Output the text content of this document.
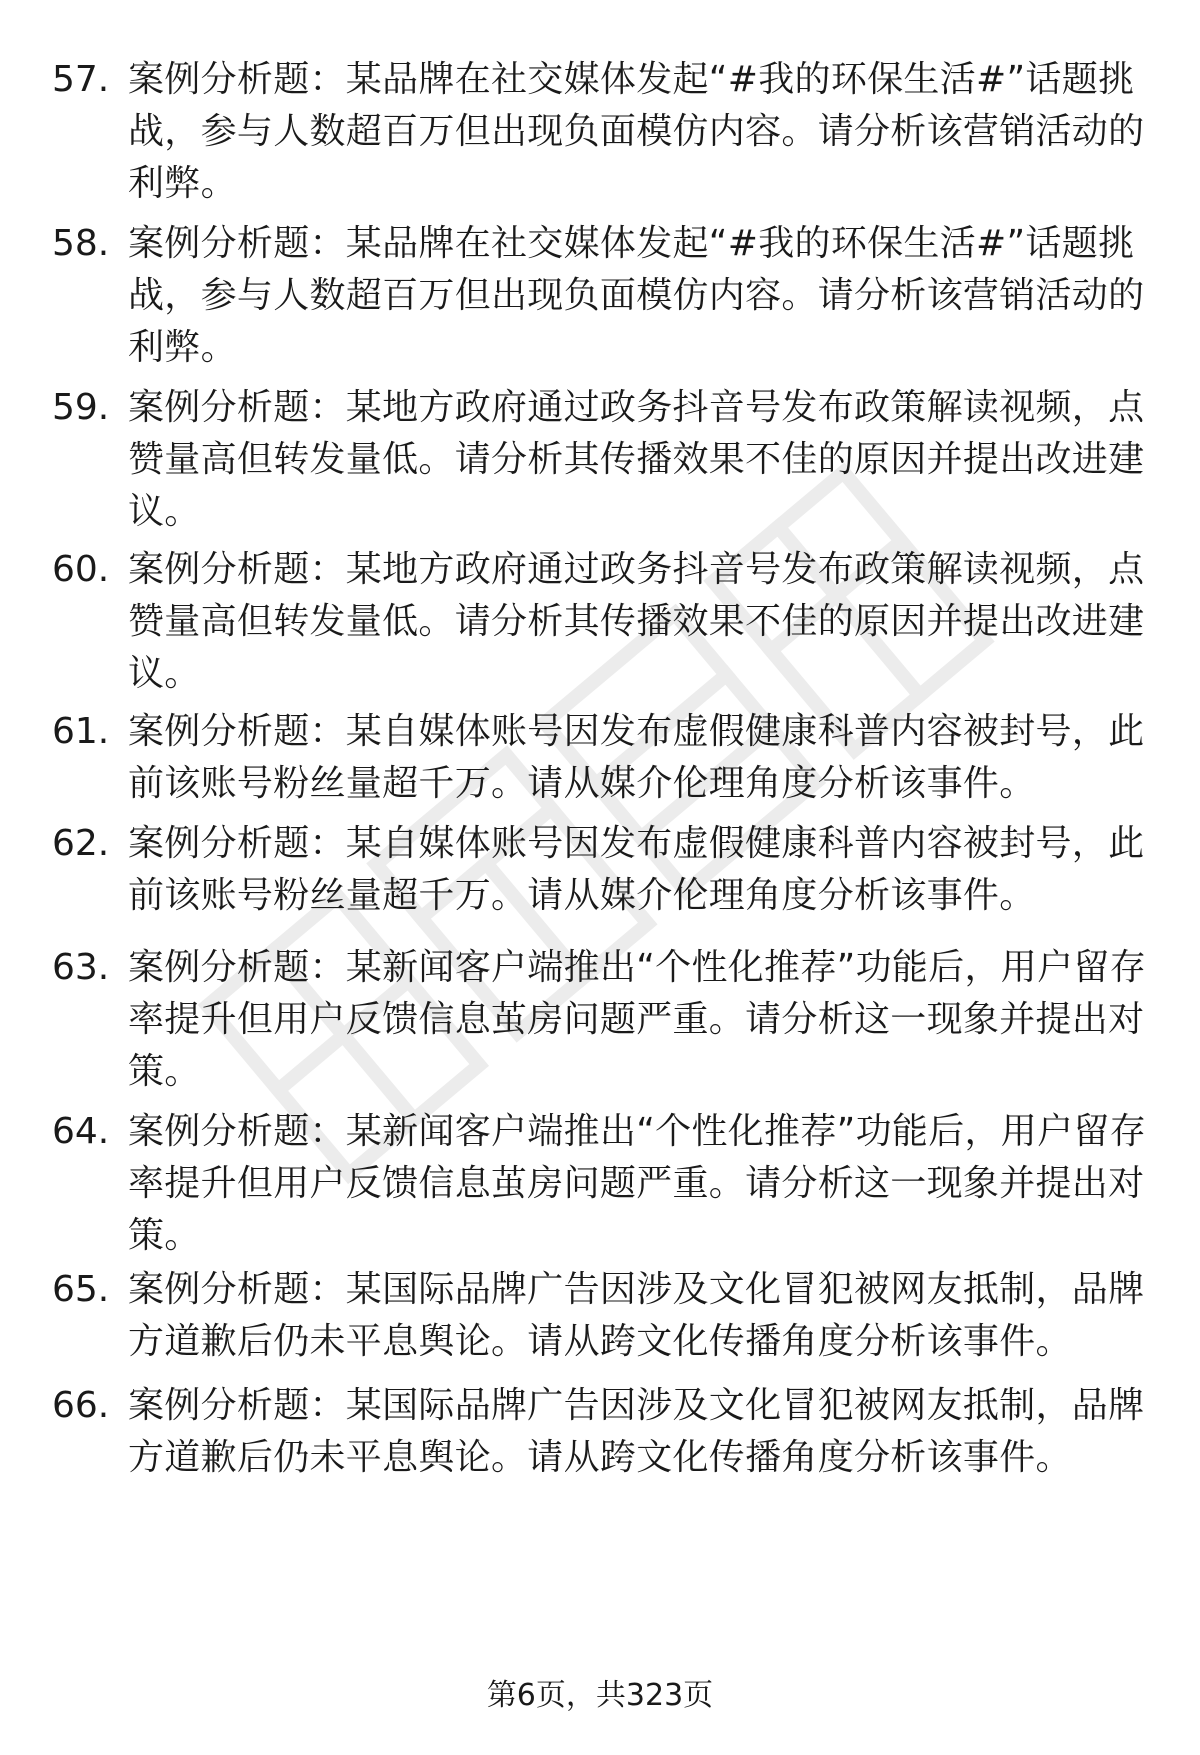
57. 案例分析题：某品牌在社交媒体发起“#我的环保生活#”话题挑战，参与人数超百万但出现负面模仿内容。请分析该营销活动的利弊。
58. 案例分析题：某品牌在社交媒体发起“#我的环保生活#”话题挑战，参与人数超百万但出现负面模仿内容。请分析该营销活动的利弊。
59. 案例分析题：某地方政府通过政务抖音号发布政策解读视频，点赞量高但转发量低。请分析其传播效果不佳的原因并提出改进建议。
60. 案例分析题：某地方政府通过政务抖音号发布政策解读视频，点赞量高但转发量低。请分析其传播效果不佳的原因并提出改进建议。
61. 案例分析题：某自媒体账号因发布虚假健康科普内容被封号，此前该账号粉丝量超千万。请从媒介伦理角度分析该事件。
62. 案例分析题：某自媒体账号因发布虚假健康科普内容被封号，此前该账号粉丝量超千万。请从媒介伦理角度分析该事件。
63. 案例分析题：某新闻客户端推出“个性化推荐”功能后，用户留存率提升但用户反馈信息茧房问题严重。请分析这一现象并提出对策。
64. 案例分析题：某新闻客户端推出“个性化推荐”功能后，用户留存率提升但用户反馈信息茧房问题严重。请分析这一现象并提出对策。
65. 案例分析题：某国际品牌广告因涉及文化冒犯被网友抵制，品牌方道歉后仍未平息舆论。请从跨文化传播角度分析该事件。
66. 案例分析题：某国际品牌广告因涉及文化冒犯被网友抵制，品牌方道歉后仍未平息舆论。请从跨文化传播角度分析该事件。
第6页，共323页
